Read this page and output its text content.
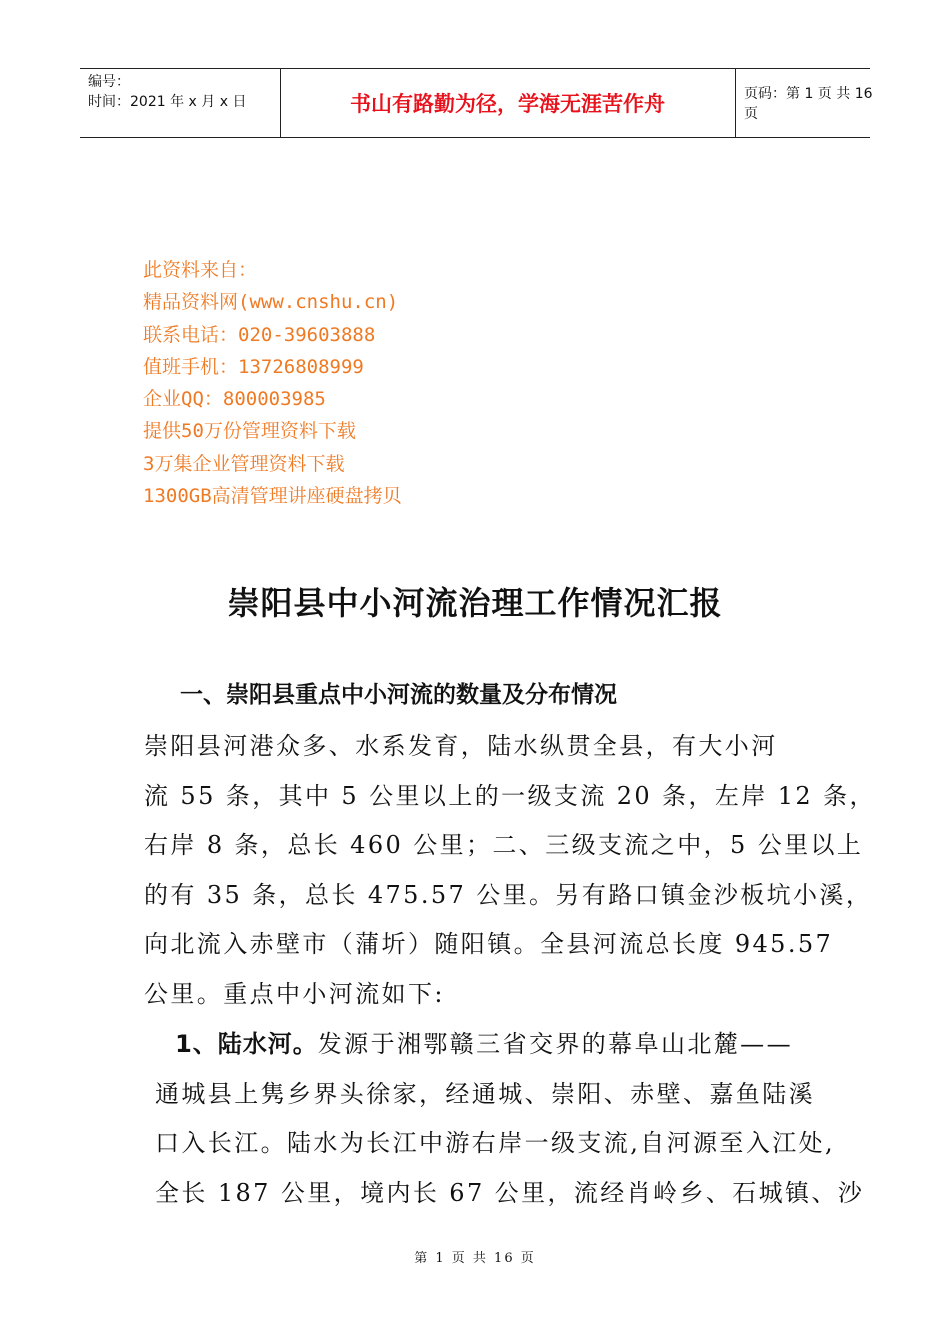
编号：
时间：2021 年 x 月 x 日	书山有路勤为径，学海无涯苦作舟	页码：第 1 页 共 16 页
此资料来自：
精品资料网(www.cnshu.cn)
联系电话：020-39603888
值班手机：13726808999
企业QQ：800003985
提供50万份管理资料下载
3万集企业管理资料下载
1300GB高清管理讲座硬盘拷贝
崇阳县中小河流治理工作情况汇报
一、崇阳县重点中小河流的数量及分布情况
崇阳县河港众多、水系发育，陆水纵贯全县，有大小河
流 55 条，其中 5 公里以上的一级支流 20 条，左岸 12 条，
右岸 8 条，总长 460 公里；二、三级支流之中，5 公里以上
的有 35 条，总长 475.57 公里。另有路口镇金沙板坑小溪，
向北流入赤壁市（蒲圻）随阳镇。全县河流总长度 945.57
公里。重点中小河流如下:
1、陆水河。发源于湘鄂赣三省交界的幕阜山北麓——
通城县上隽乡界头徐家，经通城、崇阳、赤壁、嘉鱼陆溪
口入长江。陆水为长江中游右岸一级支流,自河源至入江处,
全长 187 公里，境内长 67 公里，流经肖岭乡、石城镇、沙
第 1 页 共 16 页
